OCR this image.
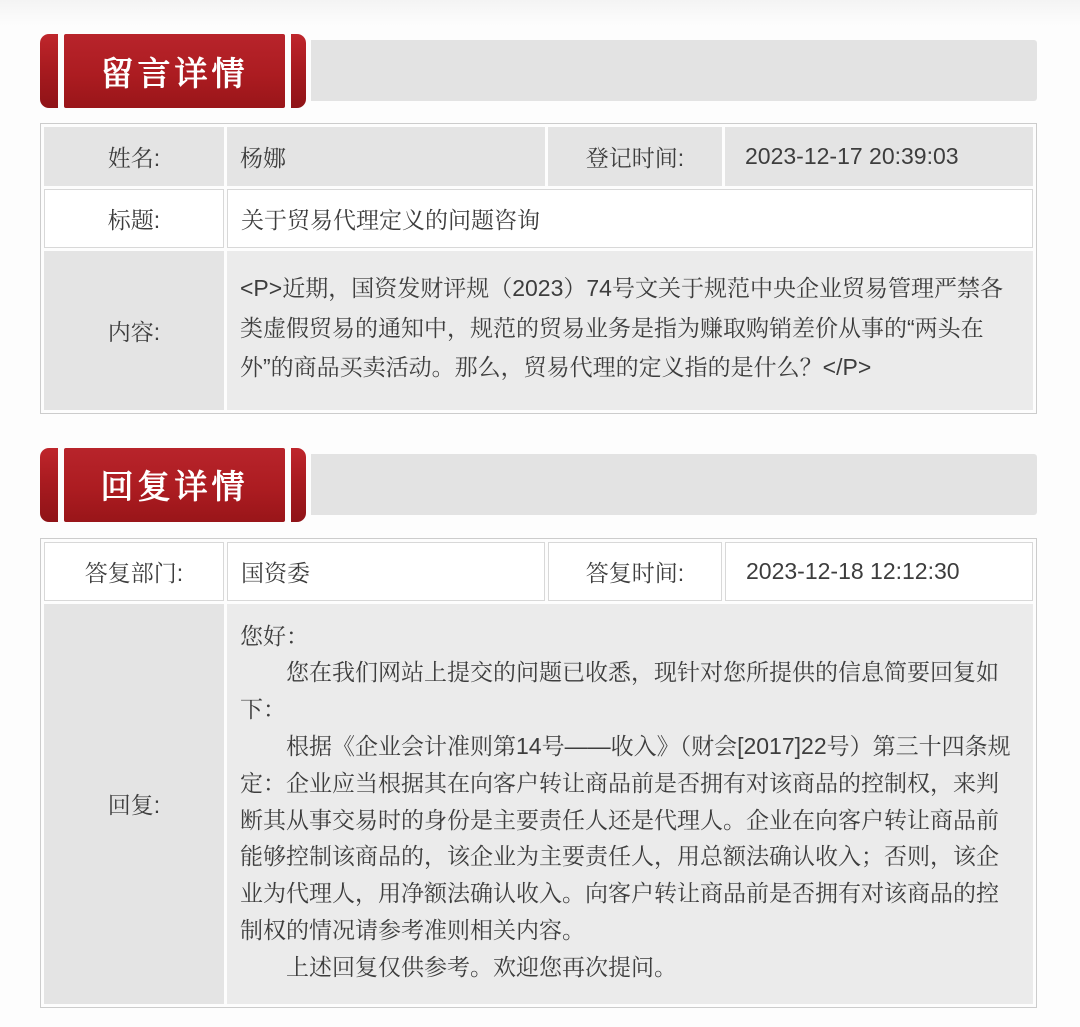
留言详情
姓名:	杨娜	登记时间:	2023-12-17 20:39:03
标题:	关于贸易代理定义的问题咨询		
内容:	<P>近期，国资发财评规（2023）74号文关于规范中央企业贸易管理严禁各类虚假贸易的通知中，规范的贸易业务是指为赚取购销差价从事的“两头在外”的商品买卖活动。那么，贸易代理的定义指的是什么？</P>		

回复详情
答复部门:	国资委	答复时间:	2023-12-18 12:12:30
回复:	您好：

您在我们网站上提交的问题已收悉，现针对您所提供的信息简要回复如下：

根据《企业会计准则第14号——收入》（财会[2017]22号）第三十四条规定：企业应当根据其在向客户转让商品前是否拥有对该商品的控制权，来判断其从事交易时的身份是主要责任人还是代理人。企业在向客户转让商品前能够控制该商品的，该企业为主要责任人，用总额法确认收入；否则，该企业为代理人，用净额法确认收入。向客户转让商品前是否拥有对该商品的控制权的情况请参考准则相关内容。

上述回复仅供参考。欢迎您再次提问。		
